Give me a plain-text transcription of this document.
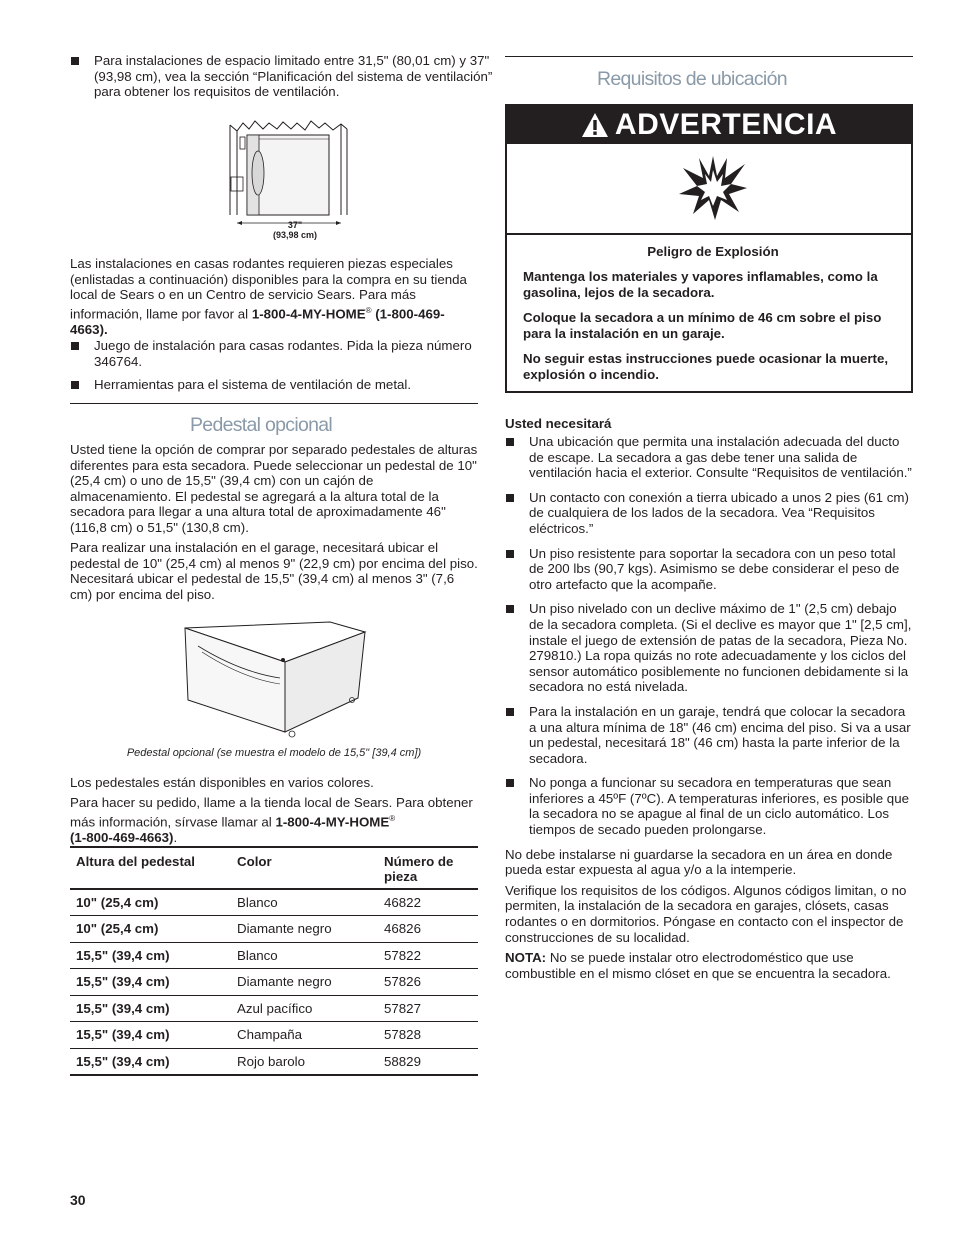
Para instalaciones de espacio limitado entre 31,5" (80,01 cm) y 37" (93,98 cm), vea la sección “Planificación del sistema de ventilación” para obtener los requisitos de ventilación.

37"
(93,98 cm)

Las instalaciones en casas rodantes requieren piezas especiales (enlistadas a continuación) disponibles para la compra en su tienda local de Sears o en un Centro de servicio Sears. Para más información, llame por favor al 1-800-4-MY-HOME® (1-800-469-4663).

Juego de instalación para casas rodantes. Pida la pieza número 346764.

Herramientas para el sistema de ventilación de metal.

Pedestal opcional

Usted tiene la opción de comprar por separado pedestales de alturas diferentes para esta secadora. Puede seleccionar un pedestal de 10" (25,4 cm) o uno de 15,5" (39,4 cm) con un cajón de almacenamiento. El pedestal se agregará a la altura total de la secadora para llegar a una altura total de aproximadamente 46" (116,8 cm) o 51,5" (130,8 cm).

Para realizar una instalación en el garage, necesitará ubicar el pedestal de 10" (25,4 cm) al menos 9" (22,9 cm) por encima del piso. Necesitará ubicar el pedestal de 15,5" (39,4 cm) al menos 3" (7,6 cm) por encima del piso.

Pedestal opcional (se muestra el modelo de 15,5" [39,4 cm])

Los pedestales están disponibles en varios colores.

Para hacer su pedido, llame a la tienda local de Sears. Para obtener más información, sírvase llamar al 1-800-4-MY-HOME®
(1-800-469-4663).

Altura del pedestal	Color	Número de pieza
10" (25,4 cm)	Blanco	46822
10" (25,4 cm)	Diamante negro	46826
15,5" (39,4 cm)	Blanco	57822
15,5" (39,4 cm)	Diamante negro	57826
15,5" (39,4 cm)	Azul pacífico	57827
15,5" (39,4 cm)	Champaña	57828
15,5" (39,4 cm)	Rojo barolo	58829
30
Requisitos de ubicación
ADVERTENCIA

Peligro de Explosión

Mantenga los materiales y vapores inflamables, como la gasolina, lejos de la secadora.

Coloque la secadora a un mínimo de 46 cm sobre el piso para la instalación en un garaje.

No seguir estas instrucciones puede ocasionar la muerte, explosión o incendio.

Usted necesitará

Una ubicación que permita una instalación adecuada del ducto de escape. La secadora a gas debe tener una salida de ventilación hacia el exterior. Consulte “Requisitos de ventilación.”

Un contacto con conexión a tierra ubicado a unos 2 pies (61 cm) de cualquiera de los lados de la secadora. Vea “Requisitos eléctricos.”

Un piso resistente para soportar la secadora con un peso total de 200 lbs (90,7 kgs). Asimismo se debe considerar el peso de otro artefacto que la acompañe.

Un piso nivelado con un declive máximo de 1" (2,5 cm) debajo de la secadora completa. (Si el declive es mayor que 1" [2,5 cm], instale el juego de extensión de patas de la secadora, Pieza No. 279810.) La ropa quizás no rote adecuadamente y los ciclos del sensor automático posiblemente no funcionen debidamente si la secadora no está nivelada.

Para la instalación en un garaje, tendrá que colocar la secadora a una altura mínima de 18" (46 cm) encima del piso. Si va a usar un pedestal, necesitará 18" (46 cm) hasta la parte inferior de la secadora.

No ponga a funcionar su secadora en temperaturas que sean inferiores a 45ºF (7ºC). A temperaturas inferiores, es posible que la secadora no se apague al final de un ciclo automático. Los tiempos de secado pueden prolongarse.

No debe instalarse ni guardarse la secadora en un área en donde pueda estar expuesta al agua y/o a la intemperie.

Verifique los requisitos de los códigos. Algunos códigos limitan, o no permiten, la instalación de la secadora en garajes, clósets, casas rodantes o en dormitorios. Póngase en contacto con el inspector de construcciones de su localidad.

NOTA: No se puede instalar otro electrodoméstico que use combustible en el mismo clóset en que se encuentra la secadora.
